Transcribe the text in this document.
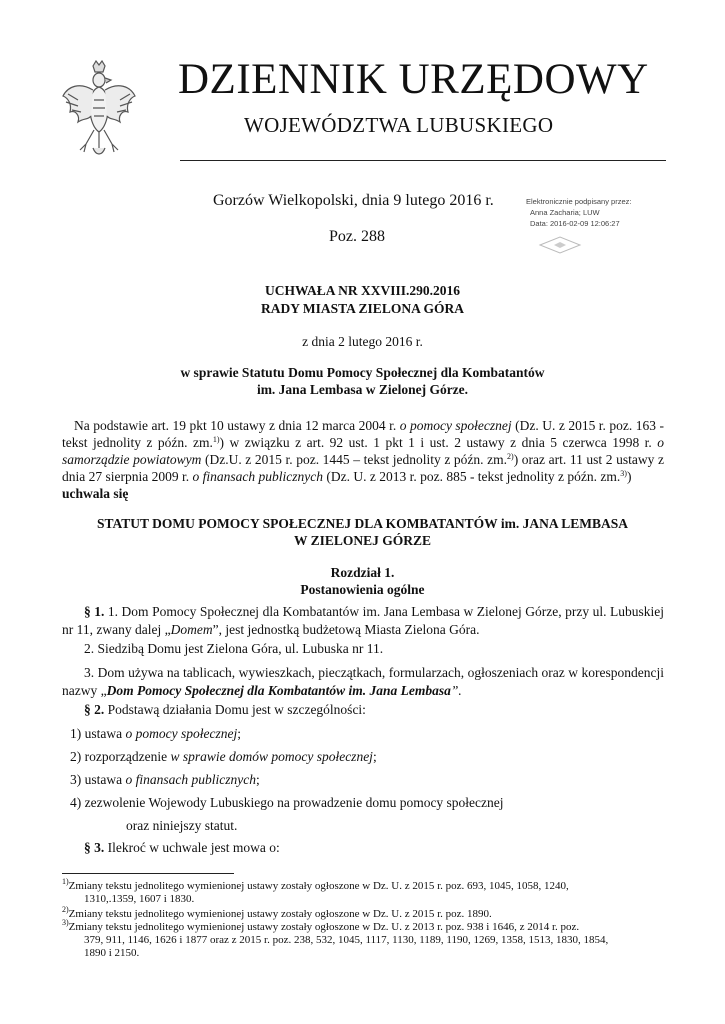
DZIENNIK URZĘDOWY
WOJEWÓDZTWA LUBUSKIEGO
Gorzów Wielkopolski, dnia 9 lutego 2016 r.
Poz. 288
Elektronicznie podpisany przez:
Anna Zacharia; LUW
Data: 2016-02-09 12:06:27
UCHWAŁA NR XXVIII.290.2016
RADY MIASTA ZIELONA GÓRA
z dnia 2 lutego 2016 r.
w sprawie Statutu Domu Pomocy Społecznej dla Kombatantów
im. Jana Lembasa w Zielonej Górze.
Na podstawie art. 19 pkt 10 ustawy z dnia 12 marca 2004 r. o pomocy społecznej (Dz. U. z 2015 r. poz. 163 - tekst jednolity z późn. zm.$^{1)}$) w związku z art. 92 ust. 1 pkt 1 i ust. 2 ustawy z dnia 5 czerwca 1998 r. o samorządzie powiatowym (Dz.U. z 2015 r. poz. 1445 – tekst jednolity z późn. zm.$^{2)}$) oraz art. 11 ust 2 ustawy z dnia 27 sierpnia 2009 r. o finansach publicznych (Dz. U. z 2013 r. poz. 885 - tekst jednolity z późn. zm.$^{3)}$)
uchwala się
STATUT DOMU POMOCY SPOŁECZNEJ DLA KOMBATANTÓW im. JANA LEMBASA
W ZIELONEJ GÓRZE
Rozdział 1.
Postanowienia ogólne
§ 1. 1. Dom Pomocy Społecznej dla Kombatantów im. Jana Lembasa w Zielonej Górze, przy ul. Lubuskiej nr 11, zwany dalej „Domem”, jest jednostką budżetową Miasta Zielona Góra.
2. Siedzibą Domu jest Zielona Góra, ul. Lubuska nr 11.
3. Dom używa na tablicach, wywieszkach, pieczątkach, formularzach, ogłoszeniach oraz w korespondencji nazwy „Dom Pomocy Społecznej dla Kombatantów im. Jana Lembasa”.
§ 2. Podstawą działania Domu jest w szczególności:
1) ustawa o pomocy społecznej;
2) rozporządzenie w sprawie domów pomocy społecznej;
3) ustawa o finansach publicznych;
4) zezwolenie Wojewody Lubuskiego na prowadzenie domu pomocy społecznej
oraz niniejszy statut.
§ 3. Ilekroć w uchwale jest mowa o:
$^{1)}$Zmiany tekstu jednolitego wymienionej ustawy zostały ogłoszone w Dz. U. z 2015 r. poz. 693, 1045, 1058, 1240,
1310,.1359, 1607 i 1830.
$^{2)}$Zmiany tekstu jednolitego wymienionej ustawy zostały ogłoszone w Dz. U. z 2015 r. poz. 1890.
$^{3)}$Zmiany tekstu jednolitego wymienionej ustawy zostały ogłoszone w Dz. U. z 2013 r. poz. 938 i 1646, z 2014 r. poz.
379, 911, 1146, 1626 i 1877 oraz z 2015 r. poz. 238, 532, 1045, 1117, 1130, 1189, 1190, 1269, 1358, 1513, 1830, 1854,
1890 i 2150.
